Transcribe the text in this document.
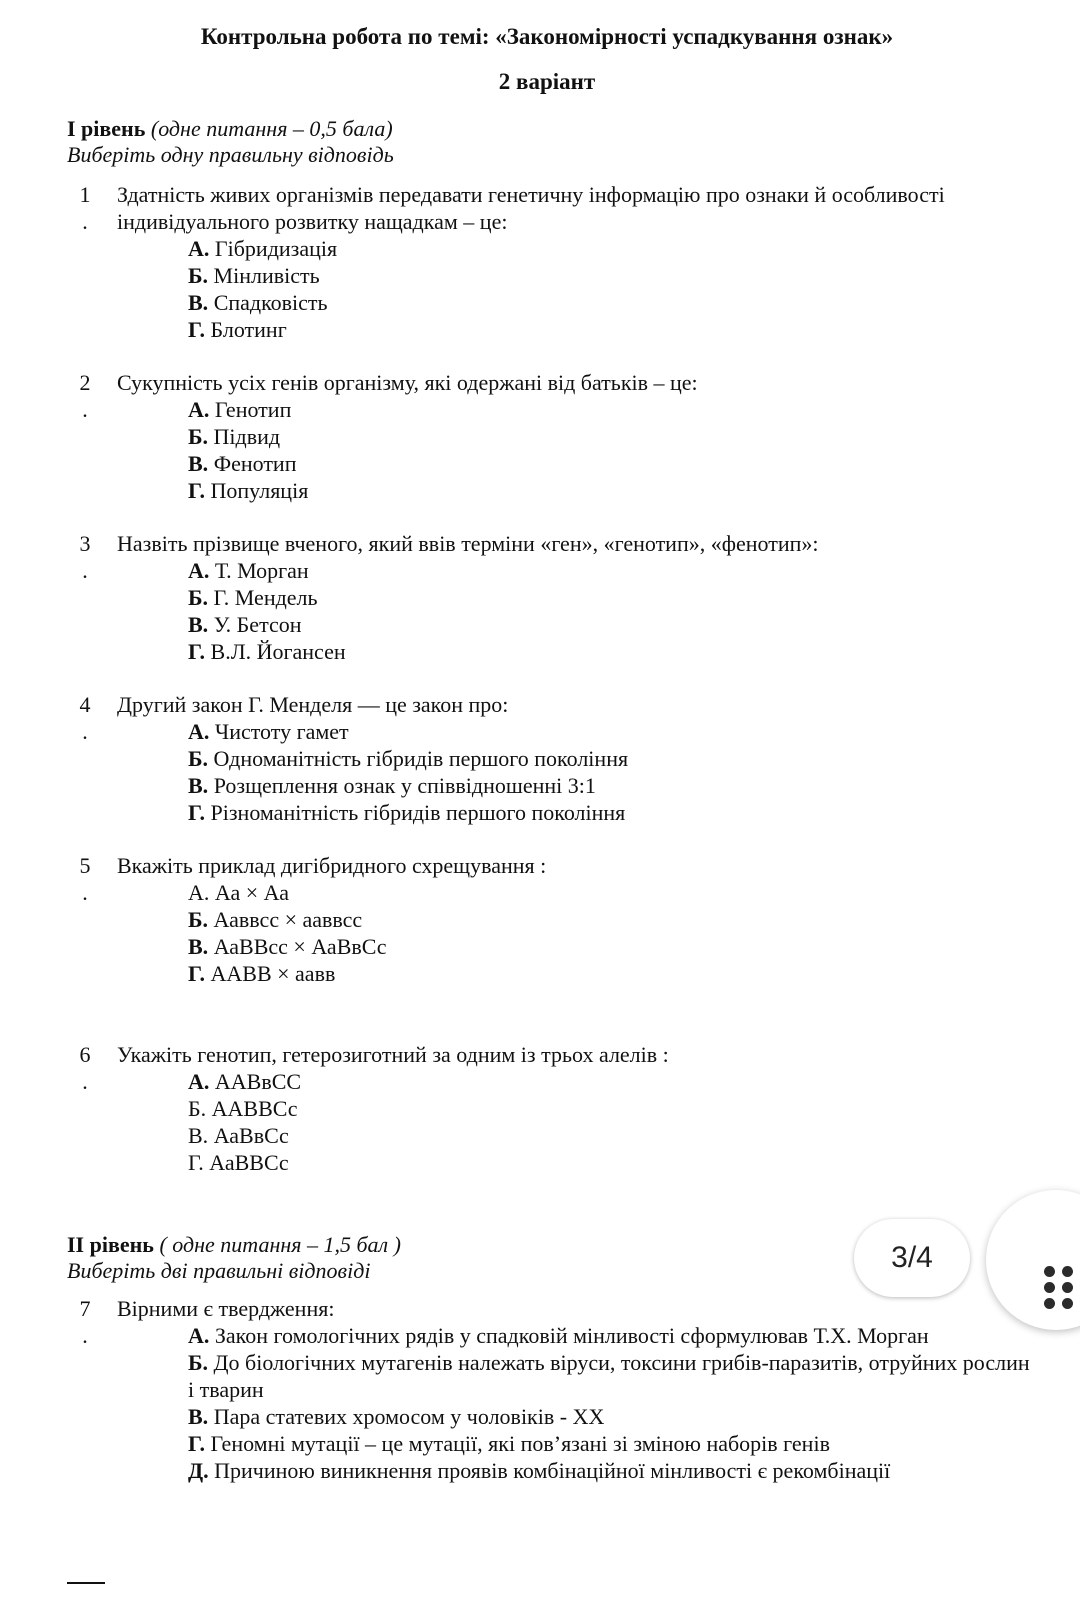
Контрольна робота по темі: «Закономірності успадкування ознак»
2 варіант
І рівень (одне питання – 0,5 бала)
Виберіть одну правильну відповідь
1
.
Здатність живих організмів передавати генетичну інформацію про ознаки й особливості індивідуального розвитку нащадкам – це:
А. Гібридизація
Б. Мінливість
В. Спадковість
Г. Блотинг
2
.
Сукупність усіх генів організму, які одержані від батьків – це:
А. Генотип
Б. Підвид
В. Фенотип
Г. Популяція
3
.
Назвіть прізвище вченого, який ввів терміни «ген», «генотип», «фенотип»:
А. Т. Морган
Б. Г. Мендель
В. У. Бетсон
Г. В.Л. Йогансен
4
.
Другий закон Г. Менделя — це закон про:
А. Чистоту гамет
Б. Одноманітність гібридів першого покоління
В. Розщеплення ознак у співвідношенні 3:1
Г. Різноманітність гібридів першого покоління
5
.
Вкажіть приклад дигібридного схрещування :
А. Аа × Аа
Б. Ааввсс × ааввсс
В. АаВВсс × АаВвСс
Г. ААВВ × аавв
6
.
Укажіть генотип, гетерозиготний за одним із трьох алелів :
А. ААВвСС
Б. ААВВСс
В. АаВвСс
Г. АаВВСс
ІІ рівень ( одне питання – 1,5 бал )
Виберіть дві правильні відповіді
7
.
Вірними є твердження:
А. Закон гомологічних рядів у спадковій мінливості сформулював Т.Х. Морган
Б. До біологічних мутагенів належать віруси, токсини грибів-паразитів, отруйних рослин і тварин
В. Пара статевих хромосом у чоловіків - ХХ
Г. Геномні мутації – це мутації, які пов’язані зі зміною наборів генів
Д. Причиною виникнення проявів комбінаційної мінливості є рекомбінації
3/4
